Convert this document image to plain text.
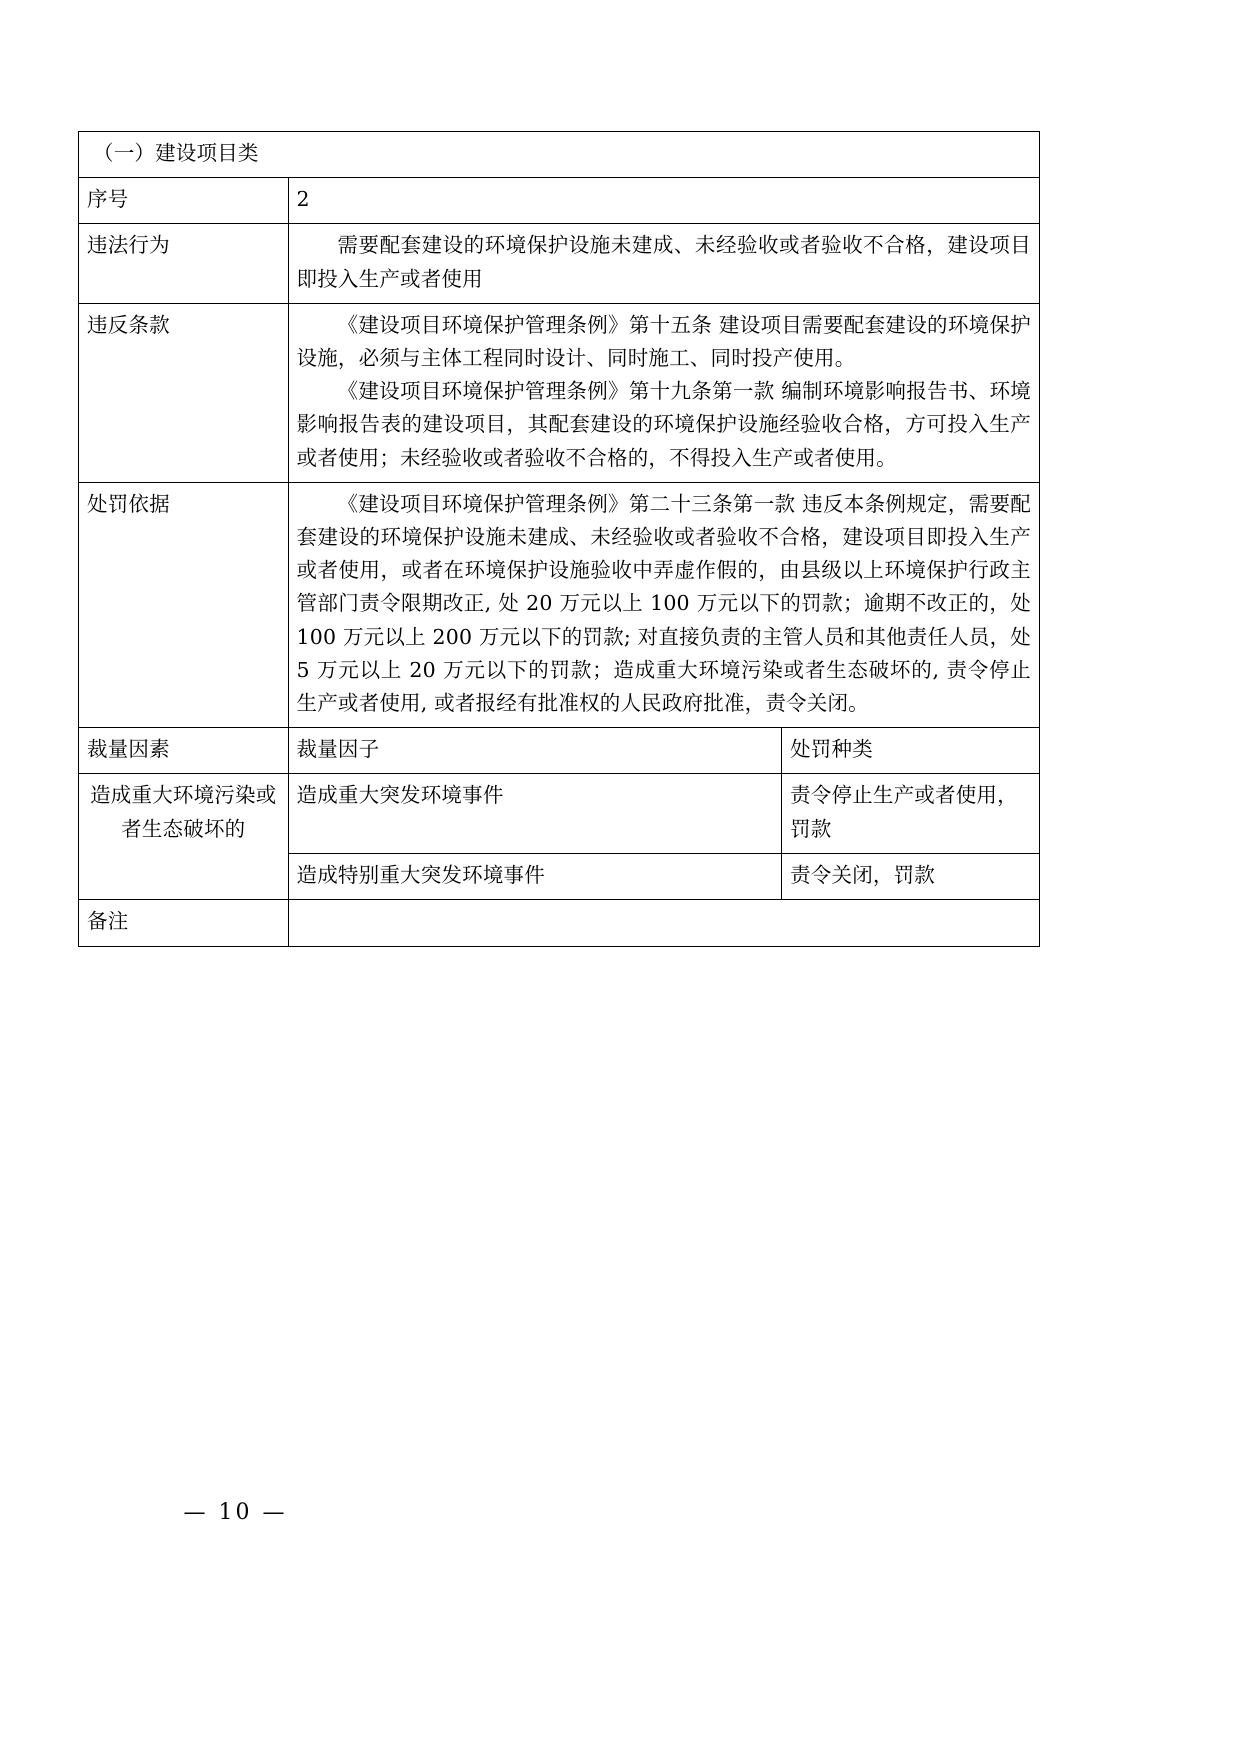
（一）建设项目类		
序号	2	
违法行为	需要配套建设的环境保护设施未建成、未经验收或者验收不合格，建设项目即投入生产或者使用	

违反条款	《建设项目环境保护管理条例》第十五条 建设项目需要配套建设的环境保护设施，必须与主体工程同时设计、同时施工、同时投产使用。

《建设项目环境保护管理条例》第十九条第一款 编制环境影响报告书、环境影响报告表的建设项目，其配套建设的环境保护设施经验收合格，方可投入生产或者使用；未经验收或者验收不合格的，不得投入生产或者使用。	

处罚依据	《建设项目环境保护管理条例》第二十三条第一款 违反本条例规定，需要配套建设的环境保护设施未建成、未经验收或者验收不合格，建设项目即投入生产或者使用，或者在环境保护设施验收中弄虚作假的，由县级以上环境保护行政主管部门责令限期改正, 处 20 万元以上 100 万元以下的罚款；逾期不改正的，处 100 万元以上 200 万元以下的罚款; 对直接负责的主管人员和其他责任人员，处 5 万元以上 20 万元以下的罚款；造成重大环境污染或者生态破坏的, 责令停止生产或者使用, 或者报经有批准权的人民政府批准，责令关闭。	

裁量因素	裁量因子	处罚种类
造成重大环境污染或者生态破坏的	造成重大突发环境事件	责令停止生产或者使用，罚款
	造成特别重大突发环境事件	责令关闭，罚款
备注		
— 10 —
